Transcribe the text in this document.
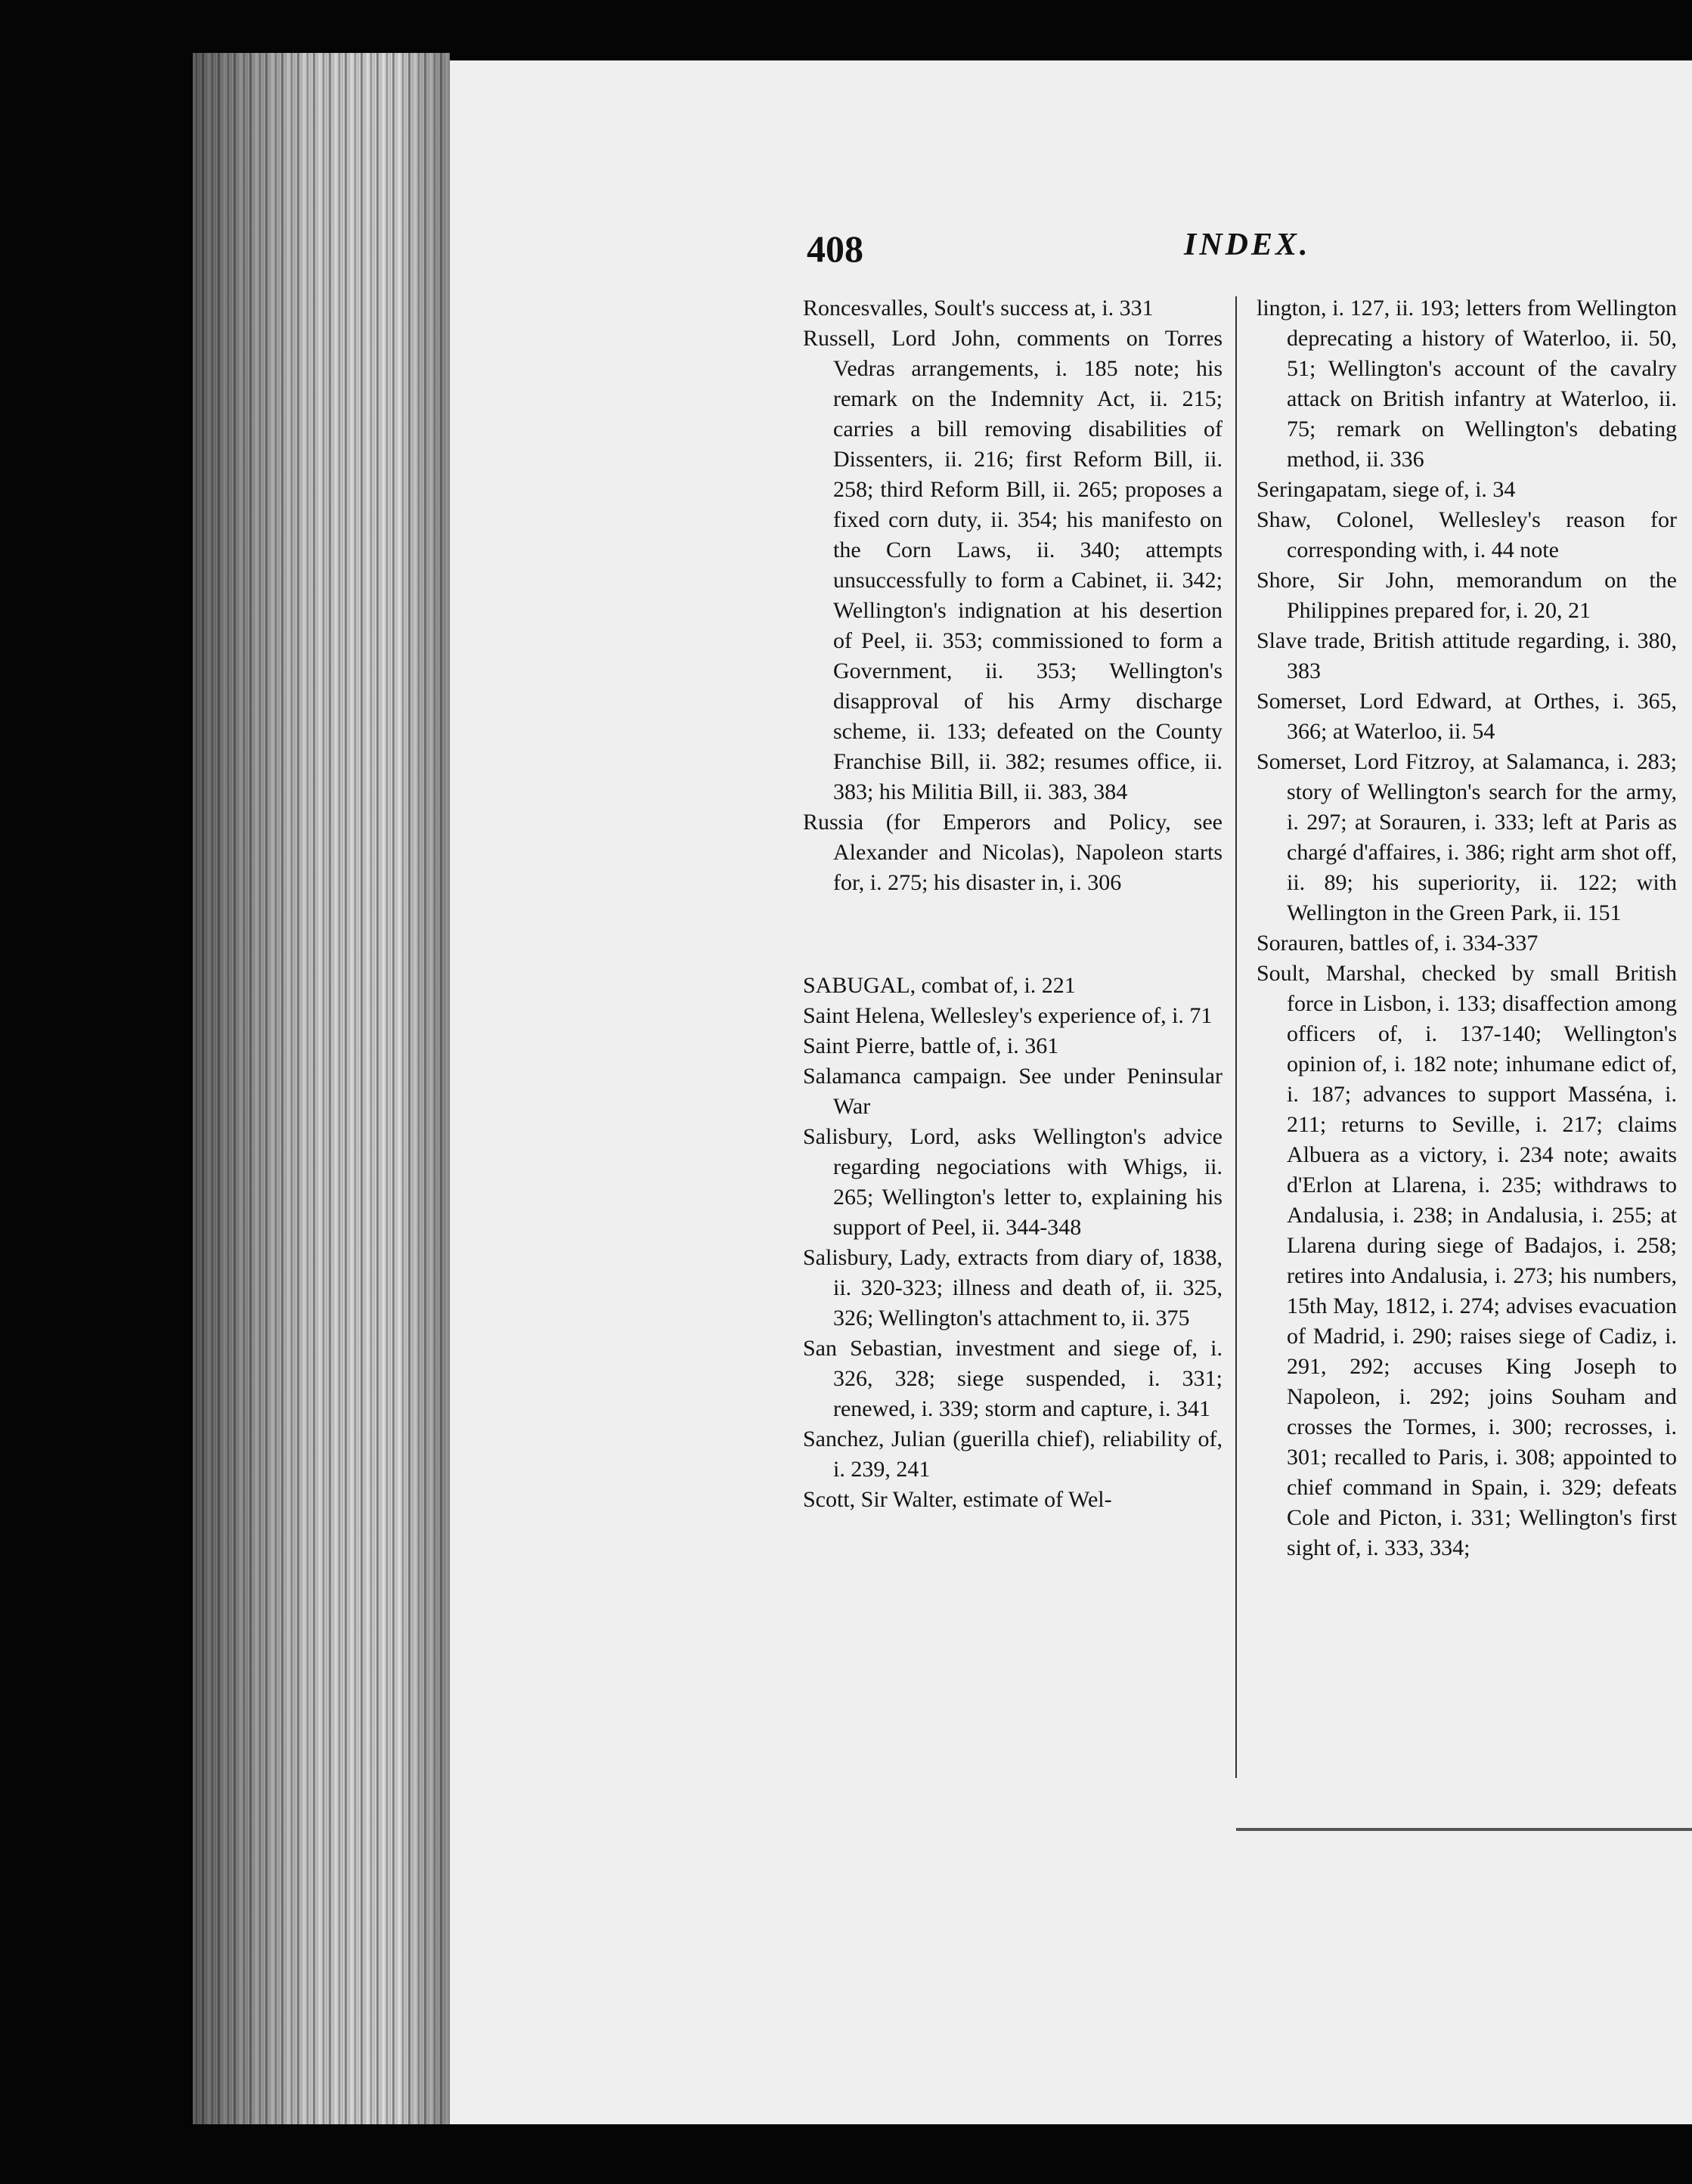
408	INDEX.

Roncesvalles, Soult's success at, i. 331

Russell, Lord John, comments on Torres Vedras arrangements, i. 185 note; his remark on the Indemnity Act, ii. 215; carries a bill removing disabilities of Dissenters, ii. 216; first Reform Bill, ii. 258; third Reform Bill, ii. 265; proposes a fixed corn duty, ii. 354; his manifesto on the Corn Laws, ii. 340; attempts unsuccessfully to form a Cabinet, ii. 342; Wellington's indignation at his desertion of Peel, ii. 353; commissioned to form a Government, ii. 353; Wellington's disapproval of his Army discharge scheme, ii. 133; defeated on the County Franchise Bill, ii. 382; resumes office, ii. 383; his Militia Bill, ii. 383, 384

Russia (for Emperors and Policy, see Alexander and Nicolas), Napoleon starts for, i. 275; his disaster in, i. 306

SABUGAL, combat of, i. 221

Saint Helena, Wellesley's experience of, i. 71

Saint Pierre, battle of, i. 361

Salamanca campaign. See under Peninsular War

Salisbury, Lord, asks Wellington's advice regarding negociations with Whigs, ii. 265; Wellington's letter to, explaining his support of Peel, ii. 344-348

Salisbury, Lady, extracts from diary of, 1838, ii. 320-323; illness and death of, ii. 325, 326; Wellington's attachment to, ii. 375

San Sebastian, investment and siege of, i. 326, 328; siege suspended, i. 331; renewed, i. 339; storm and capture, i. 341

Sanchez, Julian (guerilla chief), reliability of, i. 239, 241

Scott, Sir Walter, estimate of Wel-

lington, i. 127, ii. 193; letters from Wellington deprecating a history of Waterloo, ii. 50, 51; Wellington's account of the cavalry attack on British infantry at Waterloo, ii. 75; remark on Wellington's debating method, ii. 336

Seringapatam, siege of, i. 34

Shaw, Colonel, Wellesley's reason for corresponding with, i. 44 note

Shore, Sir John, memorandum on the Philippines prepared for, i. 20, 21

Slave trade, British attitude regarding, i. 380, 383

Somerset, Lord Edward, at Orthes, i. 365, 366; at Waterloo, ii. 54

Somerset, Lord Fitzroy, at Salamanca, i. 283; story of Wellington's search for the army, i. 297; at Sorauren, i. 333; left at Paris as chargé d'affaires, i. 386; right arm shot off, ii. 89; his superiority, ii. 122; with Wellington in the Green Park, ii. 151

Sorauren, battles of, i. 334-337

Soult, Marshal, checked by small British force in Lisbon, i. 133; disaffection among officers of, i. 137-140; Wellington's opinion of, i. 182 note; inhumane edict of, i. 187; advances to support Masséna, i. 211; returns to Seville, i. 217; claims Albuera as a victory, i. 234 note; awaits d'Erlon at Llarena, i. 235; withdraws to Andalusia, i. 238; in Andalusia, i. 255; at Llarena during siege of Badajos, i. 258; retires into Andalusia, i. 273; his numbers, 15th May, 1812, i. 274; advises evacuation of Madrid, i. 290; raises siege of Cadiz, i. 291, 292; accuses King Joseph to Napoleon, i. 292; joins Souham and crosses the Tormes, i. 300; recrosses, i. 301; recalled to Paris, i. 308; appointed to chief command in Spain, i. 329; defeats Cole and Picton, i. 331; Wellington's first sight of, i. 333, 334;
